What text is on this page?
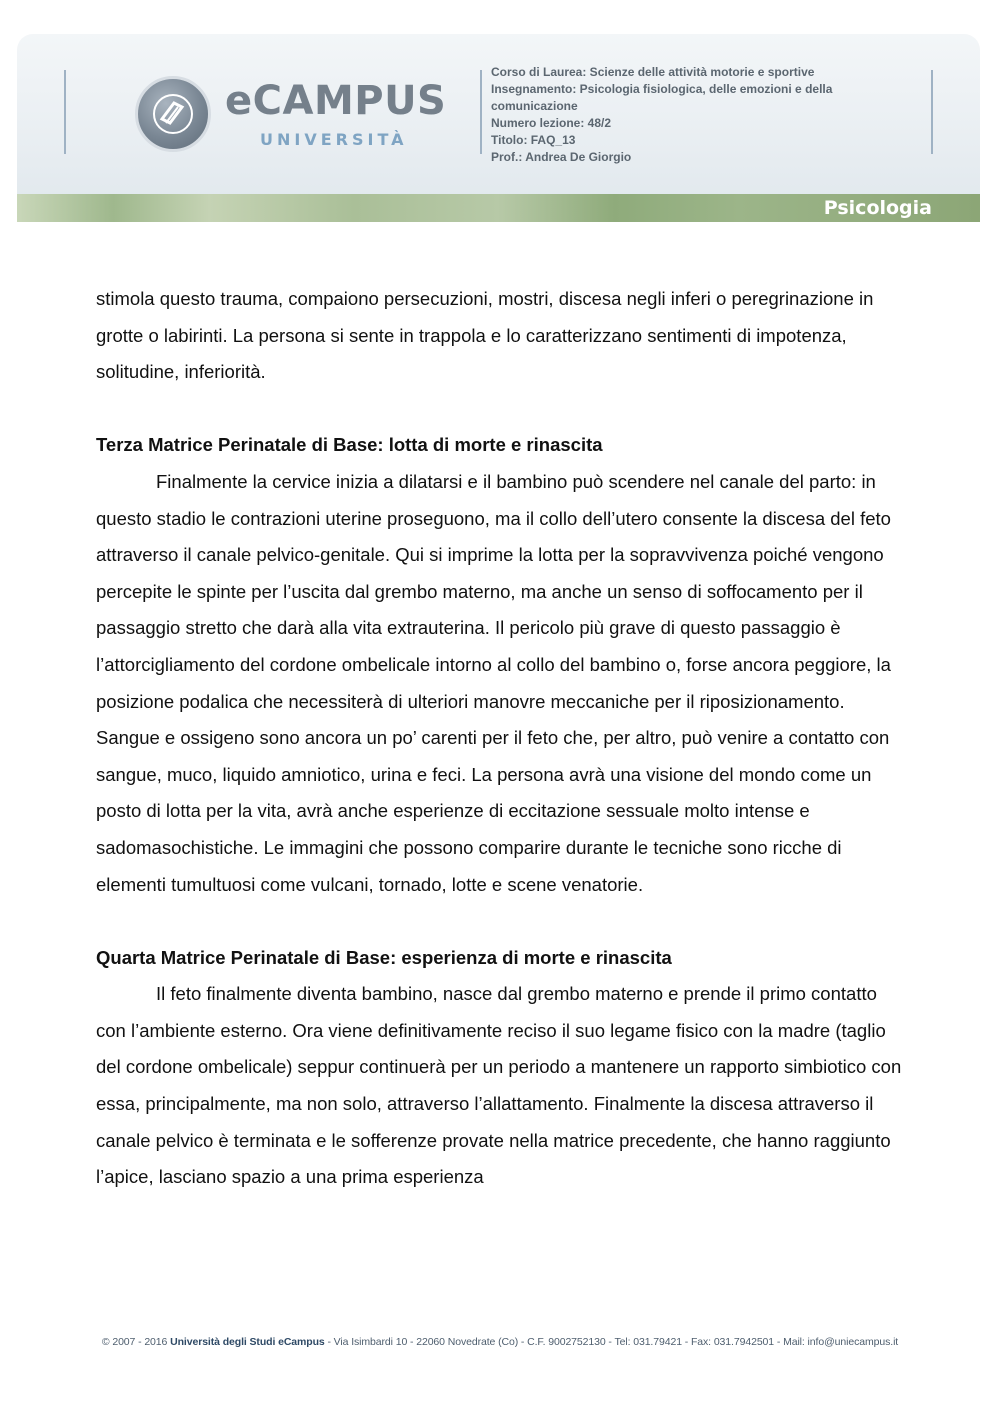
eCAMPUS
UNIVERSITÀ
Corso di Laurea: Scienze delle attività motorie e sportive
Insegnamento: Psicologia fisiologica, delle emozioni e della comunicazione
Numero lezione: 48/2
Titolo: FAQ_13
Prof.: Andrea De Giorgio
Psicologia

stimola questo trauma, compaiono persecuzioni, mostri, discesa negli inferi o peregrinazione in grotte o labirinti. La persona si sente in trappola e lo caratterizzano sentimenti di impotenza, solitudine, inferiorità.

Terza Matrice Perinatale di Base: lotta di morte e rinascita

Finalmente la cervice inizia a dilatarsi e il bambino può scendere nel canale del parto: in questo stadio le contrazioni uterine proseguono, ma il collo dell’utero consente la discesa del feto attraverso il canale pelvico-genitale. Qui si imprime la lotta per la sopravvivenza poiché vengono percepite le spinte per l’uscita dal grembo materno, ma anche un senso di soffocamento per il passaggio stretto che darà alla vita extrauterina. Il pericolo più grave di questo passaggio è l’attorcigliamento del cordone ombelicale intorno al collo del bambino o, forse ancora peggiore, la posizione podalica che necessiterà di ulteriori manovre meccaniche per il riposizionamento. Sangue e ossigeno sono ancora un po’ carenti per il feto che, per altro, può venire a contatto con sangue, muco, liquido amniotico, urina e feci. La persona avrà una visione del mondo come un posto di lotta per la vita, avrà anche esperienze di eccitazione sessuale molto intense e sadomasochistiche. Le immagini che possono comparire durante le tecniche sono ricche di elementi tumultuosi come vulcani, tornado, lotte e scene venatorie.

Quarta Matrice Perinatale di Base: esperienza di morte e rinascita

Il feto finalmente diventa bambino, nasce dal grembo materno e prende il primo contatto con l’ambiente esterno. Ora viene definitivamente reciso il suo legame fisico con la madre (taglio del cordone ombelicale) seppur continuerà per un periodo a mantenere un rapporto simbiotico con essa, principalmente, ma non solo, attraverso l’allattamento. Finalmente la discesa attraverso il canale pelvico è terminata e le sofferenze provate nella matrice precedente, che hanno raggiunto l’apice, lasciano spazio a una prima esperienza

© 2007 - 2016 Università degli Studi eCampus - Via Isimbardi 10 - 22060 Novedrate (Co) - C.F. 9002752130 - Tel: 031.79421 - Fax: 031.7942501 - Mail: info@uniecampus.it
